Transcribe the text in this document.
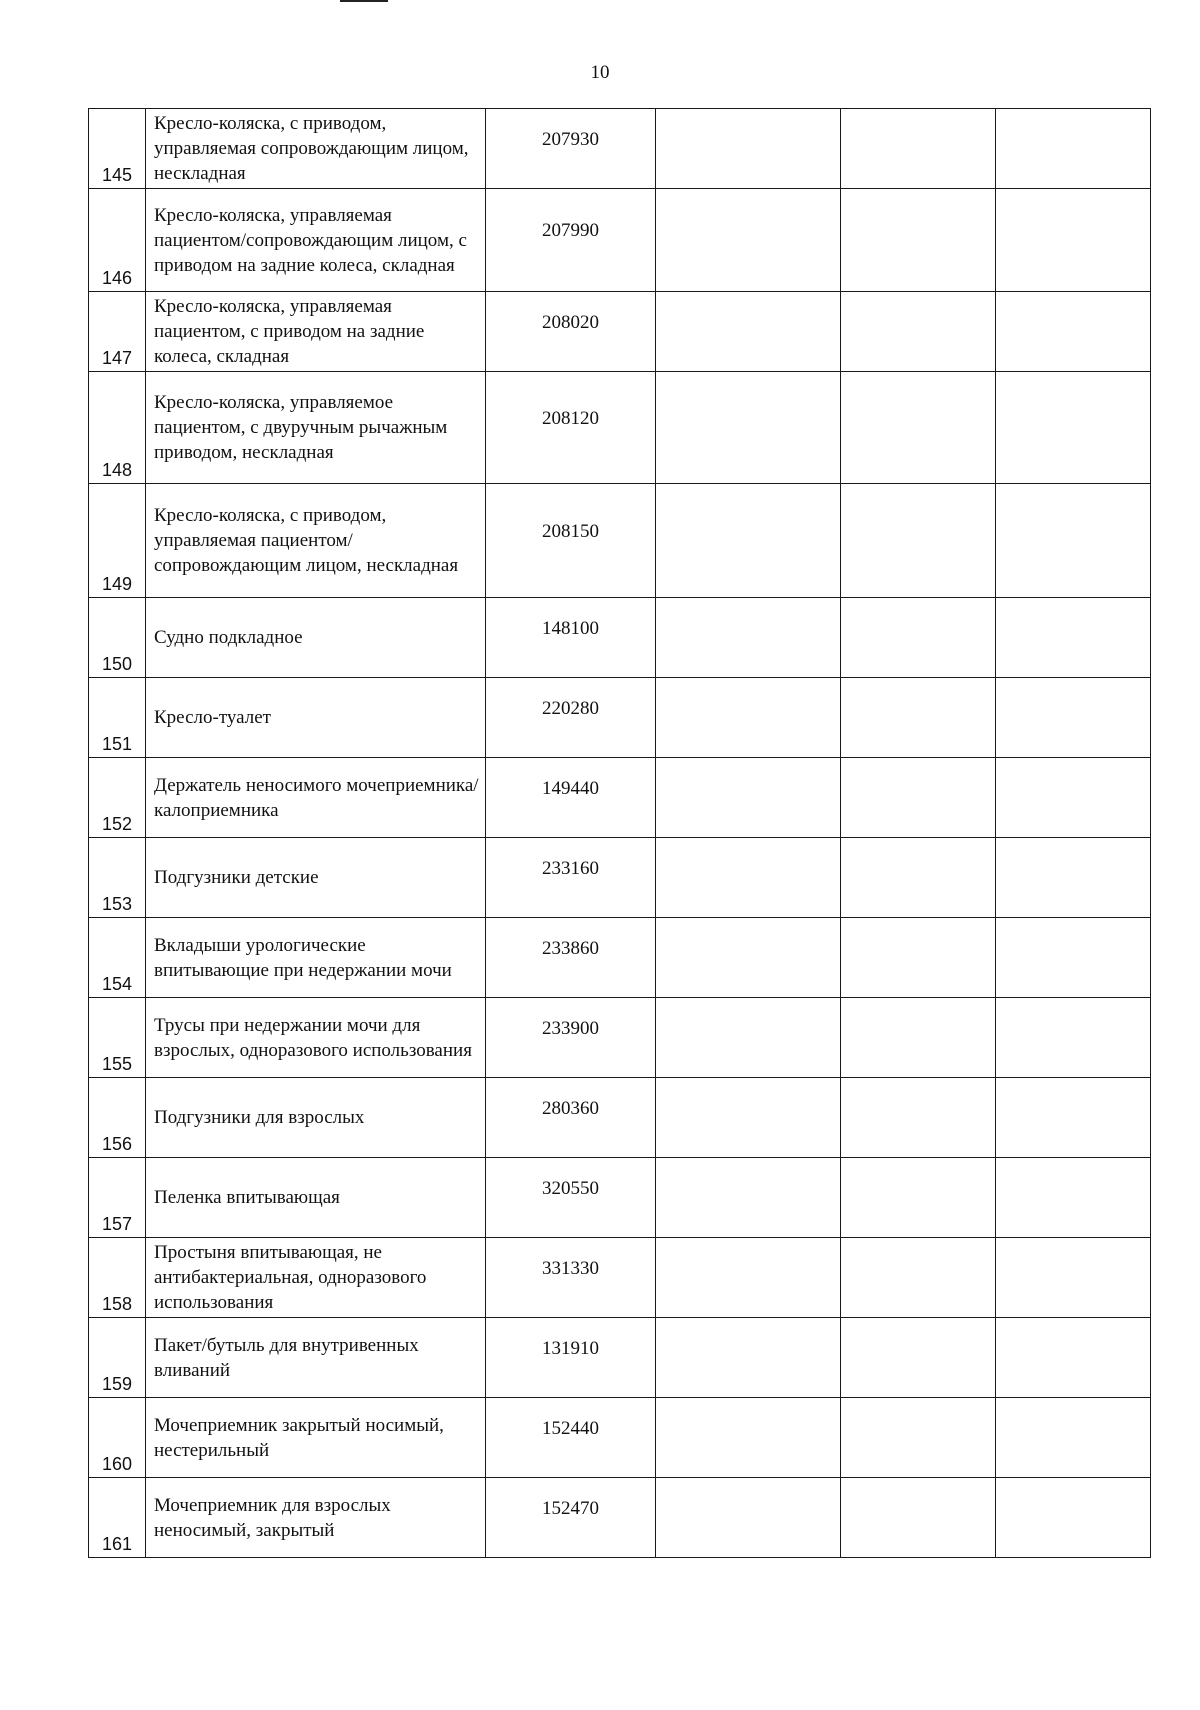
10
145	Кресло-коляска, с приводом, управляемая сопровождающим лицом, нескладная	207930			
146	Кресло-коляска, управляемая пациентом/сопровождающим лицом, с приводом на задние колеса, складная	207990			
147	Кресло-коляска, управляемая пациентом, с приводом на задние колеса, складная	208020			
148	Кресло-коляска, управляемое пациентом, с двуручным рычажным приводом, нескладная	208120			
149	Кресло-коляска, с приводом, управляемая пациентом/сопровождающим лицом, нескладная	208150			
150	Судно подкладное	148100			
151	Кресло-туалет	220280			
152	Держатель неносимого мочеприемника/калоприемника	149440			
153	Подгузники детские	233160			
154	Вкладыши урологические впитывающие при недержании мочи	233860			
155	Трусы при недержании мочи для взрослых, одноразового использования	233900			
156	Подгузники для взрослых	280360			
157	Пеленка впитывающая	320550			
158	Простыня впитывающая, не антибактериальная, одноразового использования	331330			
159	Пакет/бутыль для внутривенных вливаний	131910			
160	Мочеприемник закрытый носимый, нестерильный	152440			
161	Мочеприемник для взрослых неносимый, закрытый	152470			
